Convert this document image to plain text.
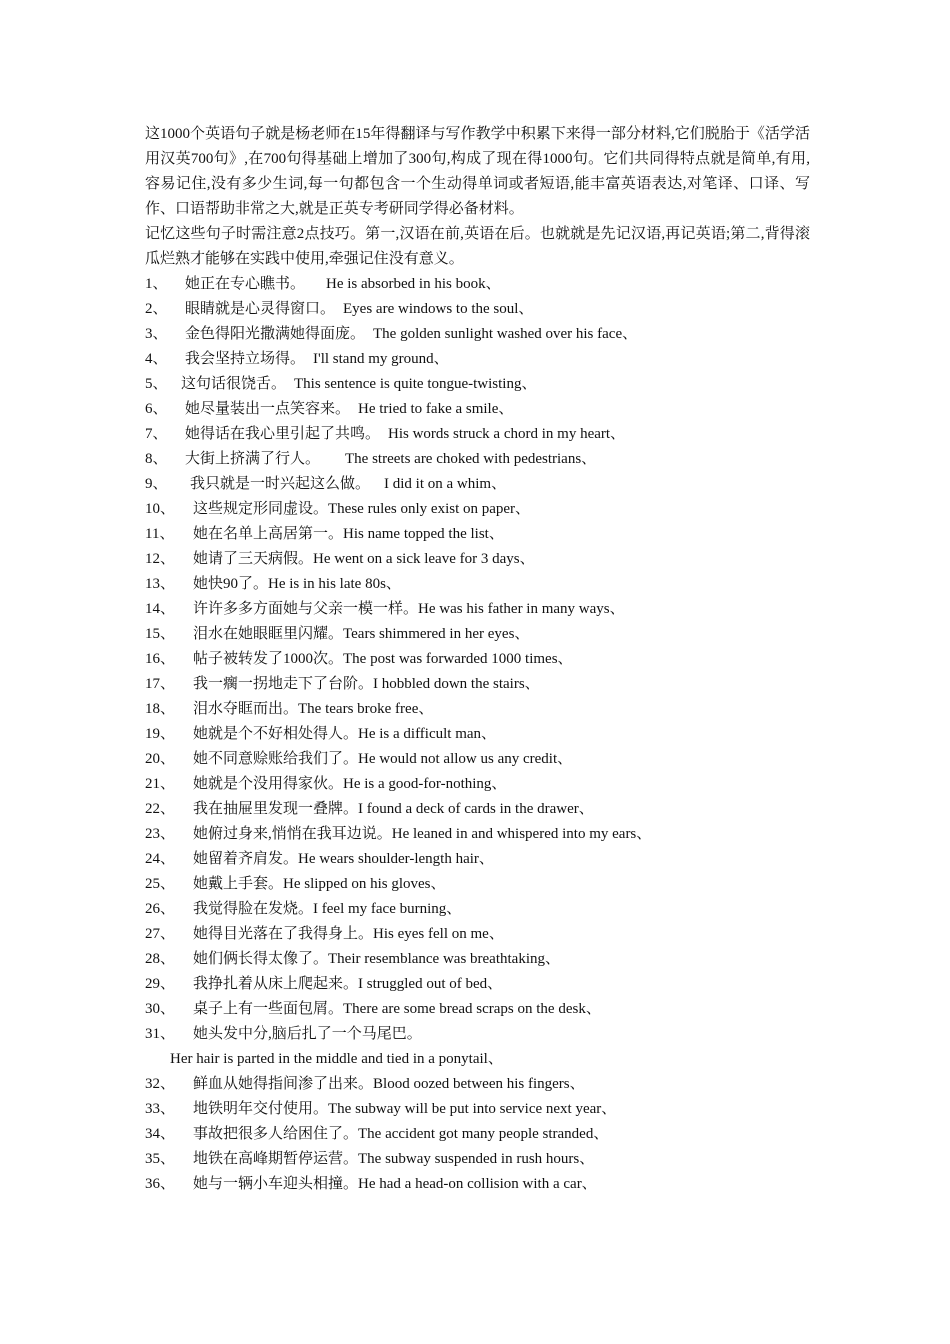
这1000个英语句子就是杨老师在15年得翻译与写作教学中积累下来得一部分材料,它们脱胎于《活学活用汉英700句》,在700句得基础上增加了300句,构成了现在得1000句。它们共同得特点就是简单,有用,容易记住,没有多少生词,每一句都包含一个生动得单词或者短语,能丰富英语表达,对笔译、口译、写作、口语帮助非常之大,就是正英专考研同学得必备材料。

记忆这些句子时需注意2点技巧。第一,汉语在前,英语在后。也就就是先记汉语,再记英语;第二,背得滚瓜烂熟才能够在实践中使用,牵强记住没有意义。

1、	她正在专心瞧书。 He is absorbed in his book、
2、	眼睛就是心灵得窗口。 Eyes are windows to the soul、
3、	金色得阳光撒满她得面庞。 The golden sunlight washed over his face、
4、	我会坚持立场得。 I'll stand my ground、
5、 这句话很饶舌。 This sentence is quite tongue-twisting、
6、	她尽量装出一点笑容来。 He tried to fake a smile、
7、	她得话在我心里引起了共鸣。 His words struck a chord in my heart、
8、	大街上挤满了行人。 The streets are choked with pedestrians、
9、	我只就是一时兴起这么做。 I did it on a whim、
10、	这些规定形同虚设。 These rules only exist on paper、
11、	她在名单上高居第一。 His name topped the list、
12、	她请了三天病假。 He went on a sick leave for 3 days、
13、	她快90了。 He is in his late 80s、
14、	许许多多方面她与父亲一模一样。 He was his father in many ways、
15、	泪水在她眼眶里闪耀。 Tears shimmered in her eyes、
16、	帖子被转发了1000次。 The post was forwarded 1000 times、
17、	我一瘸一拐地走下了台阶。 I hobbled down the stairs、
18、	泪水夺眶而出。 The tears broke free、
19、	她就是个不好相处得人。 He is a difficult man、
20、	她不同意赊账给我们了。 He would not allow us any credit、
21、	她就是个没用得家伙。 He is a good-for-nothing、
22、	我在抽屉里发现一叠牌。 I found a deck of cards in the drawer、
23、	她俯过身来,悄悄在我耳边说。 He leaned in and whispered into my ears、
24、	她留着齐肩发。 He wears shoulder-length hair、
25、	她戴上手套。 He slipped on his gloves、
26、	我觉得脸在发烧。 I feel my face burning、
27、	她得目光落在了我得身上。 His eyes fell on me、
28、	她们俩长得太像了。 Their resemblance was breathtaking、
29、	我挣扎着从床上爬起来。 I struggled out of bed、
30、	桌子上有一些面包屑。 There are some bread scraps on the desk、
31、	她头发中分,脑后扎了一个马尾巴。
Her hair is parted in the middle and tied in a ponytail、
32、	鲜血从她得指间渗了出来。 Blood oozed between his fingers、
33、	地铁明年交付使用。 The subway will be put into service next year、
34、	事故把很多人给困住了。 The accident got many people stranded、
35、	地铁在高峰期暂停运营。 The subway suspended in rush hours、
36、	她与一辆小车迎头相撞。 He had a head-on collision with a car、
